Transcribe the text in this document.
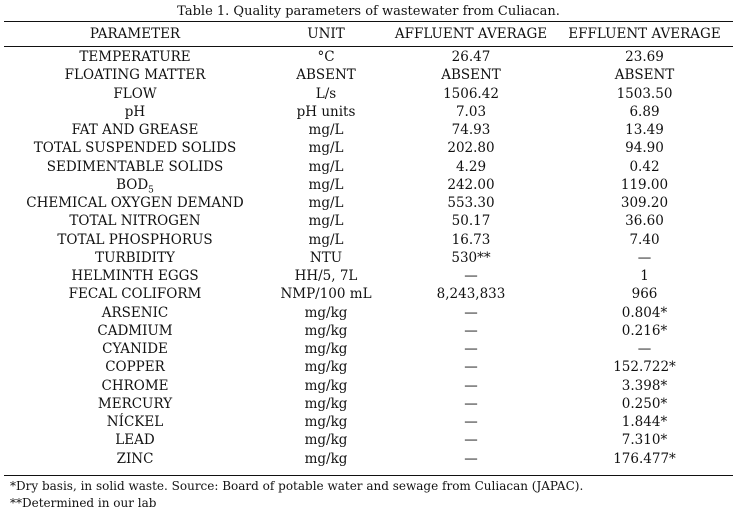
Table 1. Quality parameters of wastewater from Culiacan.
PARAMETER	UNIT	AFFLUENT AVERAGE	EFFLUENT AVERAGE
TEMPERATURE	°C	26.47	23.69
FLOATING MATTER	ABSENT	ABSENT	ABSENT
FLOW	L/s	1506.42	1503.50
pH	pH units	7.03	6.89
FAT AND GREASE	mg/L	74.93	13.49
TOTAL SUSPENDED SOLIDS	mg/L	202.80	94.90
SEDIMENTABLE SOLIDS	mg/L	4.29	0.42
$BOD_5$	mg/L	242.00	119.00
CHEMICAL OXYGEN DEMAND	mg/L	553.30	309.20
TOTAL NITROGEN	mg/L	50.17	36.60
TOTAL PHOSPHORUS	mg/L	16.73	7.40
TURBIDITY	NTU	530**	—
HELMINTH EGGS	HH/5, 7L	—	1
FECAL COLIFORM	NMP/100 mL	8,243,833	966
ARSENIC	mg/kg	—	0.804*
CADMIUM	mg/kg	—	0.216*
CYANIDE	mg/kg	—	—
COPPER	mg/kg	—	152.722*
CHROME	mg/kg	—	3.398*
MERCURY	mg/kg	—	0.250*
NÍCKEL	mg/kg	—	1.844*
LEAD	mg/kg	—	7.310*
ZINC	mg/kg	—	176.477*
*Dry basis, in solid waste. Source: Board of potable water and sewage from Culiacan (JAPAC).
**Determined in our lab
